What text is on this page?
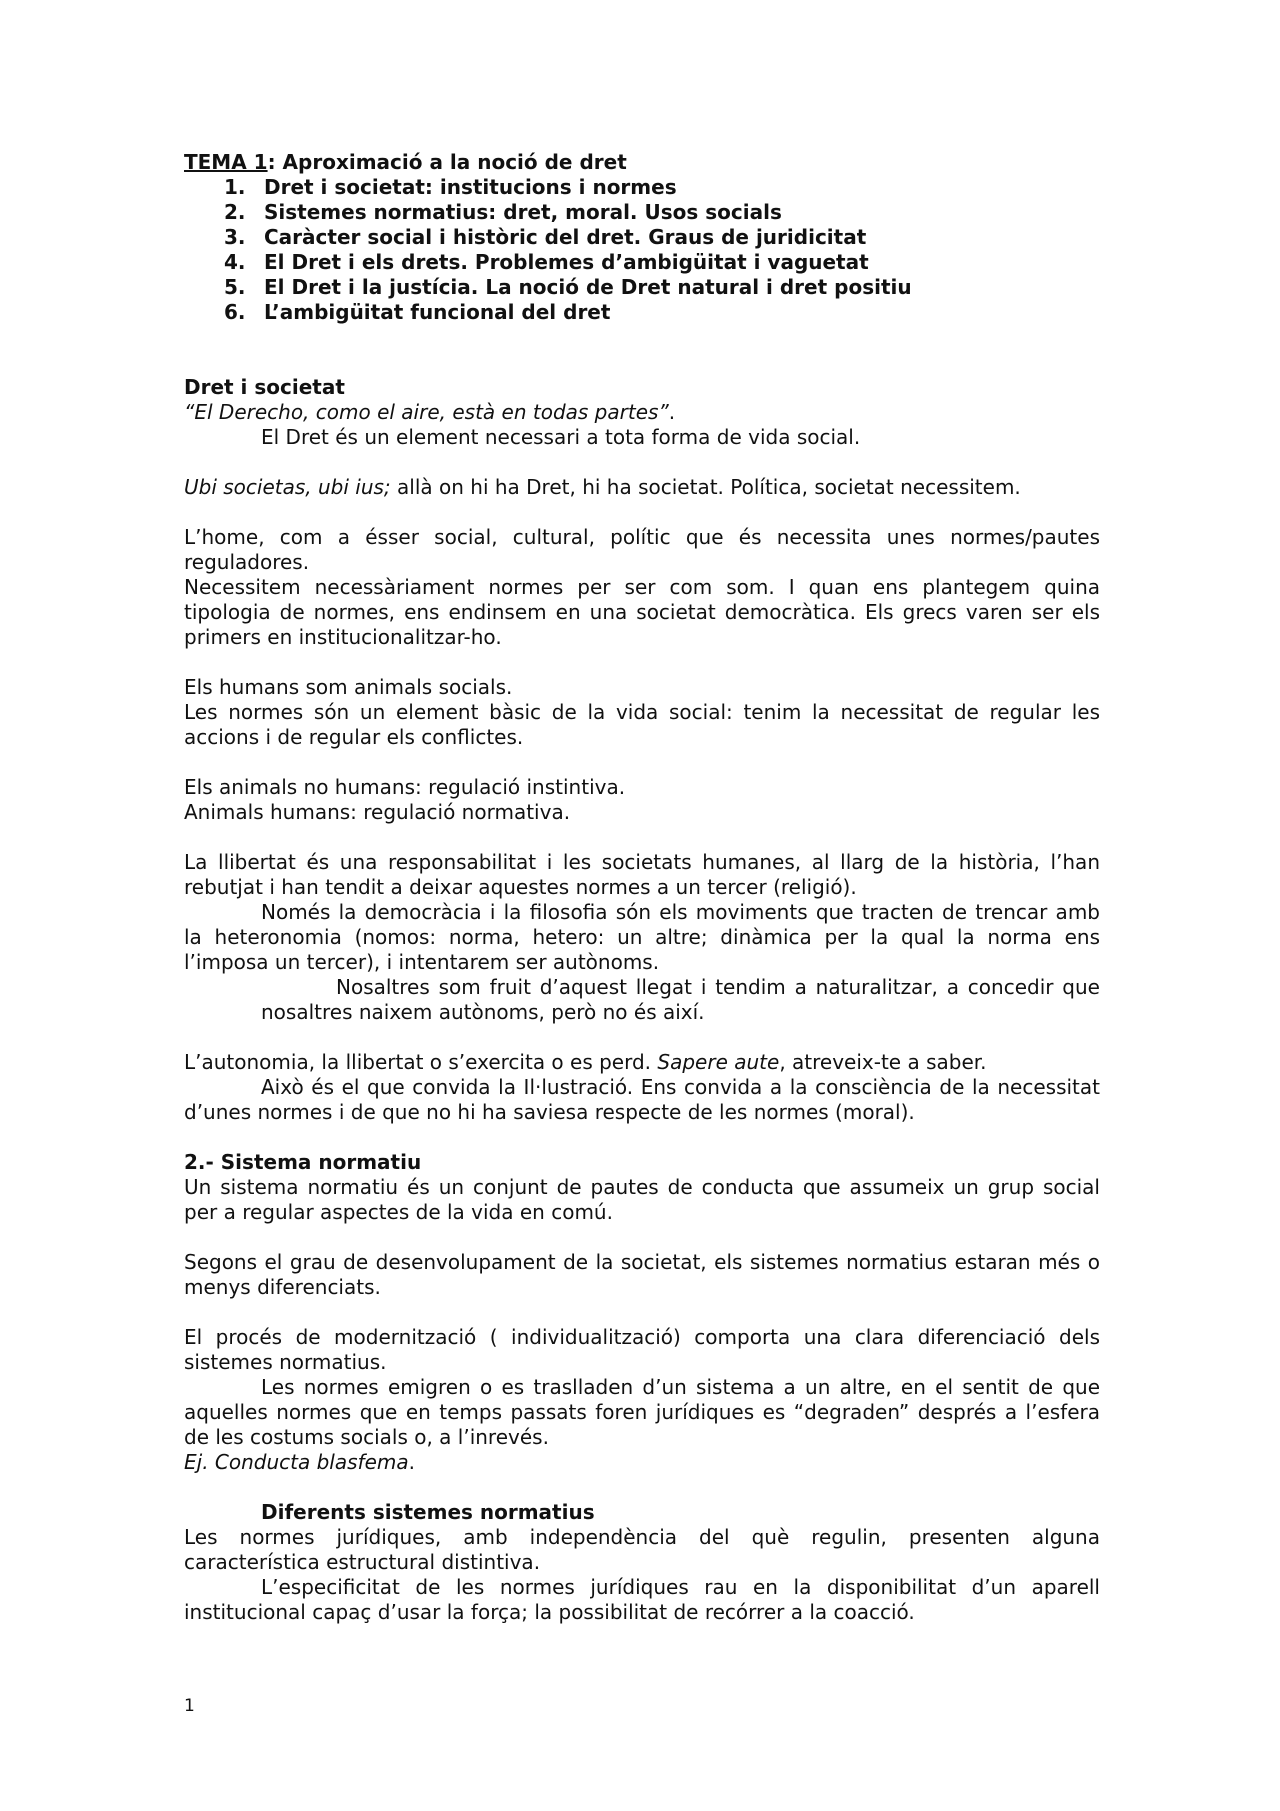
TEMA 1: Aproximació a la noció de dret

1. Dret i societat: institucions i normes
2. Sistemes normatius: dret, moral. Usos socials
3. Caràcter social i històric del dret. Graus de juridicitat
4. El Dret i els drets. Problemes d’ambigüitat i vaguetat
5. El Dret i la justícia. La noció de Dret natural i dret positiu
6. L’ambigüitat funcional del dret

Dret i societat

“El Derecho, como el aire, està en todas partes”.

El Dret és un element necessari a tota forma de vida social.

Ubi societas, ubi ius; allà on hi ha Dret, hi ha societat. Política, societat necessitem.

L’home, com a ésser social, cultural, polític que és necessita unes normes/pautes reguladores.

Necessitem necessàriament normes per ser com som. I quan ens plantegem quina tipologia de normes, ens endinsem en una societat democràtica. Els grecs varen ser els primers en institucionalitzar-ho.

Els humans som animals socials.

Les normes són un element bàsic de la vida social: tenim la necessitat de regular les accions i de regular els conflictes.

Els animals no humans: regulació instintiva.

Animals humans: regulació normativa.

La llibertat és una responsabilitat i les societats humanes, al llarg de la història, l’han rebutjat i han tendit a deixar aquestes normes a un tercer (religió).

Només la democràcia i la filosofia són els moviments que tracten de trencar amb la heteronomia (nomos: norma, hetero: un altre; dinàmica per la qual la norma ens l’imposa un tercer), i intentarem ser autònoms.

Nosaltres som fruit d’aquest llegat i tendim a naturalitzar, a concedir que nosaltres naixem autònoms, però no és així.

L’autonomia, la llibertat o s’exercita o es perd. Sapere aute, atreveix-te a saber.

Això és el que convida la Il·lustració. Ens convida a la consciència de la necessitat d’unes normes i de que no hi ha saviesa respecte de les normes (moral).

2.- Sistema normatiu

Un sistema normatiu és un conjunt de pautes de conducta que assumeix un grup social per a regular aspectes de la vida en comú.

Segons el grau de desenvolupament de la societat, els sistemes normatius estaran més o menys diferenciats.

El procés de modernització ( individualització) comporta una clara diferenciació dels sistemes normatius.

Les normes emigren o es traslladen d’un sistema a un altre, en el sentit de que aquelles normes que en temps passats foren jurídiques es “degraden” després a l’esfera de les costums socials o, a l’inrevés.

Ej. Conducta blasfema.

Diferents sistemes normatius

Les normes jurídiques, amb independència del què regulin, presenten alguna característica estructural distintiva.

L’especificitat de les normes jurídiques rau en la disponibilitat d’un aparell institucional capaç d’usar la força; la possibilitat de recórrer a la coacció.

1
